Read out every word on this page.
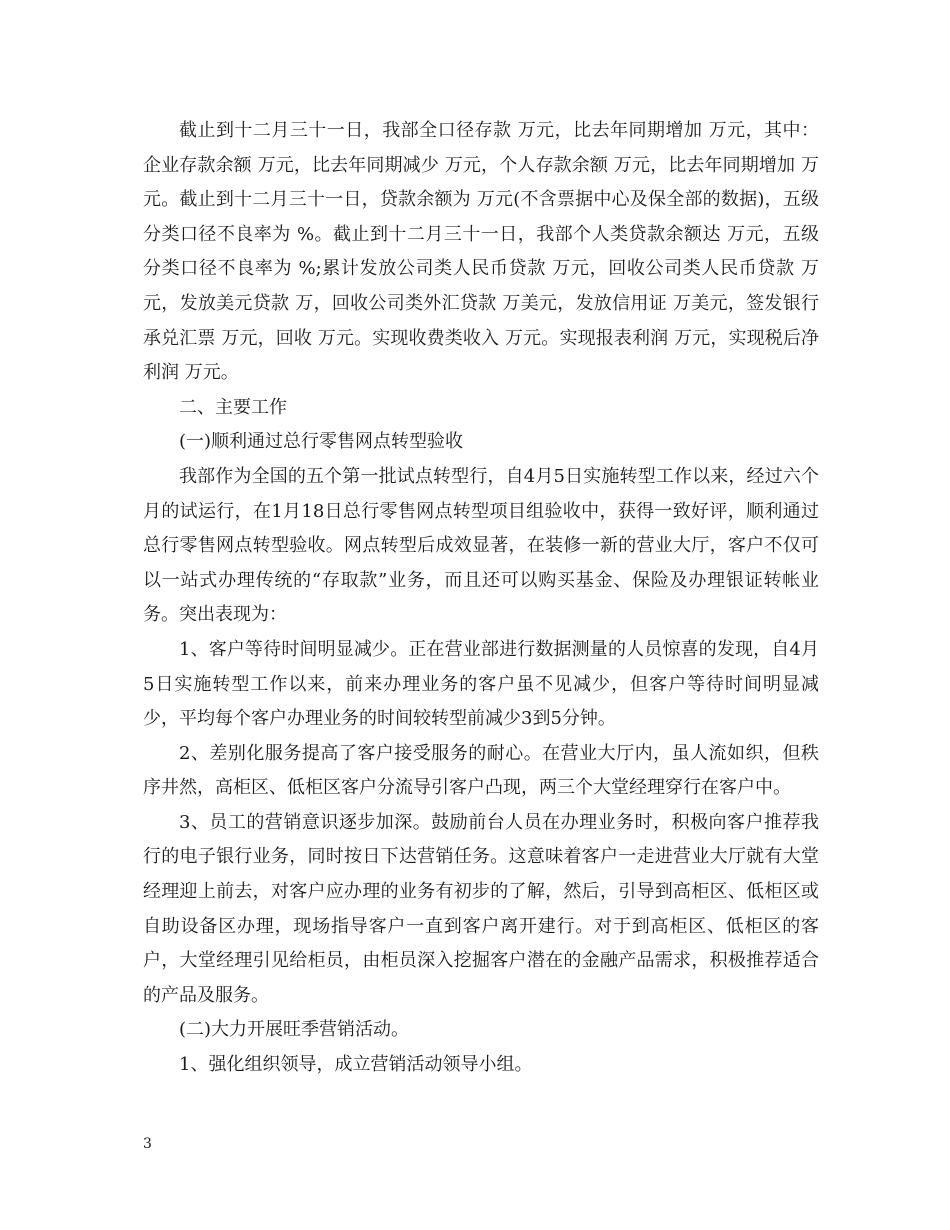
截止到十二月三十一日，我部全口径存款 万元，比去年同期增加 万元，其中：企业存款余额 万元，比去年同期减少 万元，个人存款余额 万元，比去年同期增加 万元。截止到十二月三十一日，贷款余额为 万元(不含票据中心及保全部的数据)，五级分类口径不良率为 %。截止到十二月三十一日，我部个人类贷款余额达 万元，五级分类口径不良率为 %;累计发放公司类人民币贷款 万元，回收公司类人民币贷款 万元，发放美元贷款 万，回收公司类外汇贷款 万美元，发放信用证 万美元，签发银行承兑汇票 万元，回收 万元。实现收费类收入 万元。实现报表利润 万元，实现税后净利润 万元。

二、主要工作

(一)顺利通过总行零售网点转型验收

我部作为全国的五个第一批试点转型行，自4月5日实施转型工作以来，经过六个月的试运行，在1月18日总行零售网点转型项目组验收中，获得一致好评，顺利通过总行零售网点转型验收。网点转型后成效显著，在装修一新的营业大厅，客户不仅可以一站式办理传统的“存取款”业务，而且还可以购买基金、保险及办理银证转帐业务。突出表现为：

1、客户等待时间明显减少。正在营业部进行数据测量的人员惊喜的发现，自4月5日实施转型工作以来，前来办理业务的客户虽不见减少，但客户等待时间明显减少，平均每个客户办理业务的时间较转型前减少3到5分钟。

2、差别化服务提高了客户接受服务的耐心。在营业大厅内，虽人流如织，但秩序井然，高柜区、低柜区客户分流导引客户凸现，两三个大堂经理穿行在客户中。

3、员工的营销意识逐步加深。鼓励前台人员在办理业务时，积极向客户推荐我行的电子银行业务，同时按日下达营销任务。这意味着客户一走进营业大厅就有大堂经理迎上前去，对客户应办理的业务有初步的了解，然后，引导到高柜区、低柜区或自助设备区办理，现场指导客户一直到客户离开建行。对于到高柜区、低柜区的客户，大堂经理引见给柜员，由柜员深入挖掘客户潜在的金融产品需求，积极推荐适合的产品及服务。

(二)大力开展旺季营销活动。

1、强化组织领导，成立营销活动领导小组。

3
